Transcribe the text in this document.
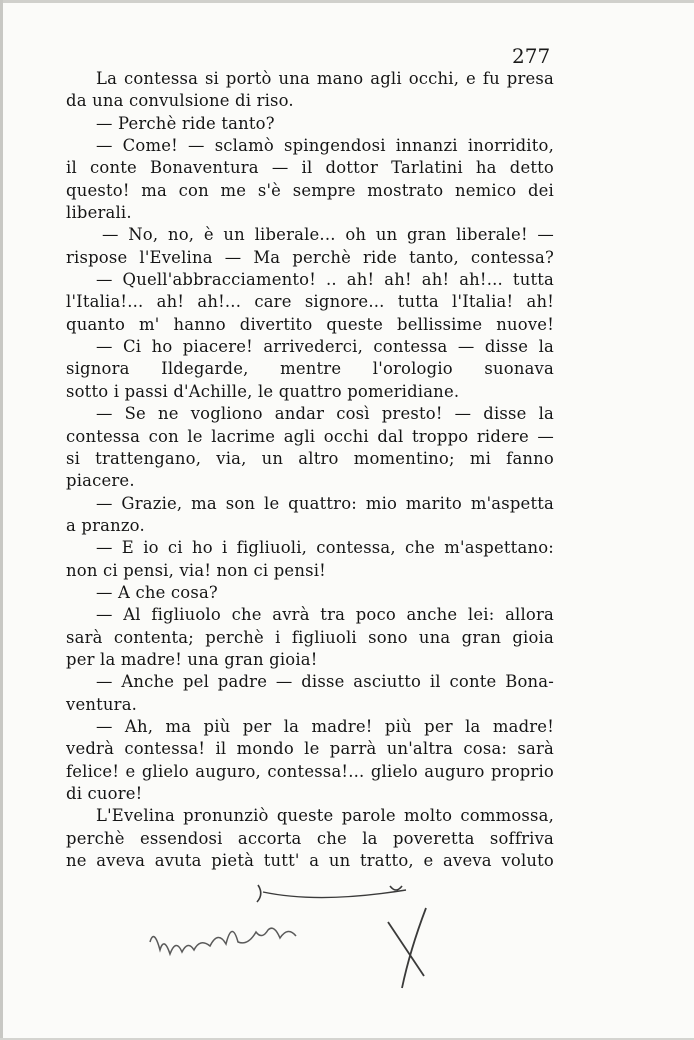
277
La contessa si portò una mano agli occhi, e fu presa
da una convulsione di riso.
— Perchè ride tanto?
— Come! — sclamò spingendosi innanzi inorridito,
il conte Bonaventura — il dottor Tarlatini ha detto
questo! ma con me s'è sempre mostrato nemico dei
liberali.
— No, no, è un liberale... oh un gran liberale! —
rispose l'Evelina — Ma perchè ride tanto, contessa?
— Quell'abbracciamento! .. ah! ah! ah! ah!... tutta
l'Italia!... ah! ah!... care signore... tutta l'Italia! ah!
quanto m' hanno divertito queste bellissime nuove!
— Ci ho piacere! arrivederci, contessa — disse la
signora Ildegarde, mentre l'orologio suonava
sotto i passi d'Achille, le quattro pomeridiane.
— Se ne vogliono andar così presto! — disse la
contessa con le lacrime agli occhi dal troppo ridere —
si trattengano, via, un altro momentino; mi fanno
piacere.
— Grazie, ma son le quattro: mio marito m'aspetta
a pranzo.
— E io ci ho i figliuoli, contessa, che m'aspettano:
non ci pensi, via! non ci pensi!
— A che cosa?
— Al figliuolo che avrà tra poco anche lei: allora
sarà contenta; perchè i figliuoli sono una gran gioia
per la madre! una gran gioia!
— Anche pel padre — disse asciutto il conte Bona-
ventura.
— Ah, ma più per la madre! più per la madre!
vedrà contessa! il mondo le parrà un'altra cosa: sarà
felice! e glielo auguro, contessa!... glielo auguro proprio
di cuore!
L'Evelina pronunziò queste parole molto commossa,
perchè essendosi accorta che la poveretta soffriva
ne aveva avuta pietà tutt' a un tratto, e aveva voluto
